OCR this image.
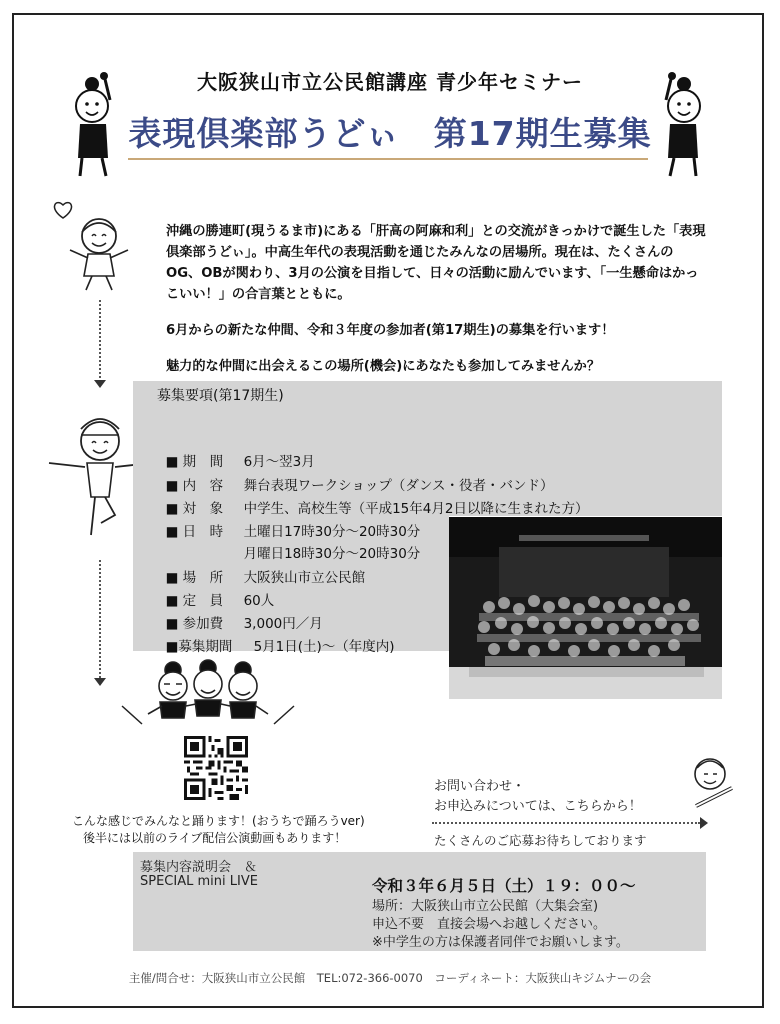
大阪狭山市立公民館講座 青少年セミナー
表現倶楽部うどぃ　第17期生募集

沖縄の勝連町(現うるま市)にある「肝高の阿麻和利」との交流がきっかけで誕生した「表現倶楽部うどぃ」。中高生年代の表現活動を通じたみんなの居場所。現在は、たくさんのOG、OBが関わり、3月の公演を目指して、日々の活動に励んでいます、「一生懸命はかっこいい！」の合言葉とともに。

6月からの新たな仲間、令和３年度の参加者(第17期生)の募集を行います！

魅力的な仲間に出会えるこの場所(機会)にあなたも参加してみませんか？

募集要項(第17期生)

■ 期　間 6月～翌3月

■ 内　容 舞台表現ワークショップ（ダンス・役者・バンド）

■ 対　象 中学生、高校生等（平成15年4月2日以降に生まれた方）

■ 日　時 土曜日17時30分～20時30分

月曜日18時30分～20時30分

■ 場　所 大阪狭山市立公民館

■ 定　員 60人

■ 参加費 3,000円／月

■募集期間 5月1日(土)～（年度内)

こんな感じでみんなと踊ります！(おうちで踊ろうver)
後半には以前のライブ配信公演動画もあります！
お問い合わせ・
お申込みについては、こちらから！
たくさんのご応募お待ちしております
募集内容説明会　＆
SPECIAL mini LIVE	令和３年６月５日（土）１９：００～
場所：大阪狭山市立公民館（大集会室)
申込不要　直接会場へお越しください。
※中学生の方は保護者同伴でお願いします。
主催/問合せ：大阪狭山市立公民館　TEL:072-366-0070　コーディネート：大阪狭山キジムナーの会
